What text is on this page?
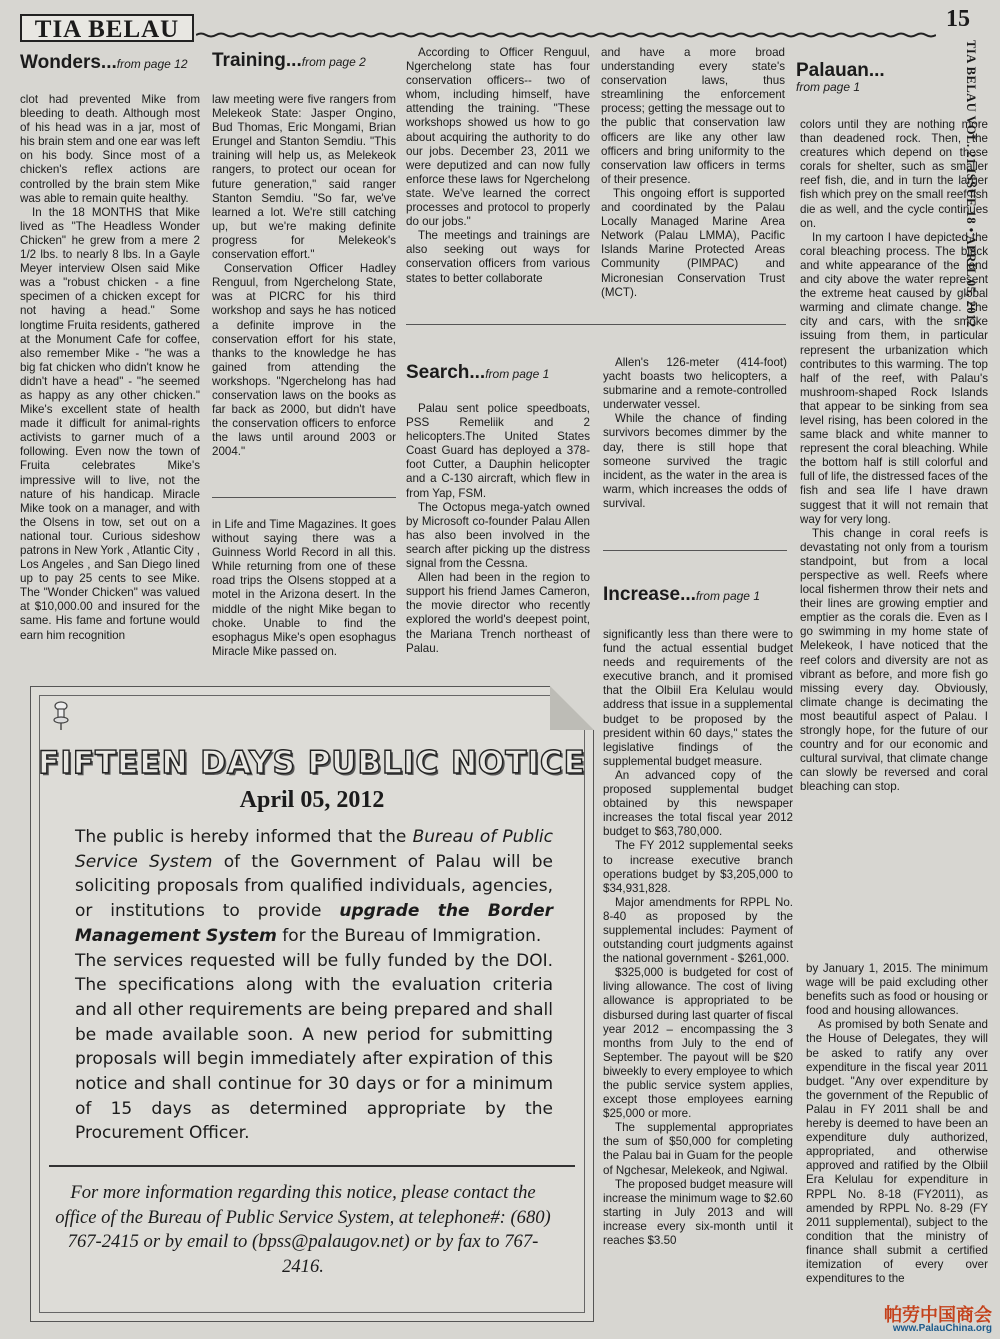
TIA BELAU	15
TIA BELAU VOL. 21 ISSUE 18 • APRIL 05, 2012
Wonders...from page 12

clot had prevented Mike from bleeding to death. Although most of his head was in a jar, most of his brain stem and one ear was left on his body. Since most of a chicken's reflex actions are controlled by the brain stem Mike was able to remain quite healthy.

In the 18 MONTHS that Mike lived as "The Headless Wonder Chicken" he grew from a mere 2 1/2 lbs. to nearly 8 lbs. In a Gayle Meyer interview Olsen said Mike was a "robust chicken - a fine specimen of a chicken except for not having a head." Some longtime Fruita residents, gathered at the Monument Cafe for coffee, also remember Mike - "he was a big fat chicken who didn't know he didn't have a head" - "he seemed as happy as any other chicken." Mike's excellent state of health made it difficult for animal-rights activists to garner much of a following. Even now the town of Fruita celebrates Mike's impressive will to live, not the nature of his handicap. Miracle Mike took on a manager, and with the Olsens in tow, set out on a national tour. Curious sideshow patrons in New York , Atlantic City , Los Angeles , and San Diego lined up to pay 25 cents to see Mike. The "Wonder Chicken" was valued at $10,000.00 and insured for the same. His fame and fortune would earn him recognition

Training...from page 2

law meeting were five rangers from Melekeok State: Jasper Ongino, Bud Thomas, Eric Mongami, Brian Erungel and Stanton Semdiu. "This training will help us, as Melekeok rangers, to protect our ocean for future generation," said ranger Stanton Semdiu. "So far, we've learned a lot. We're still catching up, but we're making definite progress for Melekeok's conservation effort."

Conservation Officer Hadley Renguul, from Ngerchelong State, was at PICRC for his third workshop and says he has noticed a definite improve in the conservation effort for his state, thanks to the knowledge he has gained from attending the workshops. "Ngerchelong has had conservation laws on the books as far back as 2000, but didn't have the conservation officers to enforce the laws until around 2003 or 2004."

in Life and Time Magazines. It goes without saying there was a Guinness World Record in all this. While returning from one of these road trips the Olsens stopped at a motel in the Arizona desert. In the middle of the night Mike began to choke. Unable to find the esophagus Mike's open esophagus Miracle Mike passed on.

According to Officer Renguul, Ngerchelong state has four conservation officers-- two of whom, including himself, have attending the training. "These workshops showed us how to go about acquiring the authority to do our jobs. December 23, 2011 we were deputized and can now fully enforce these laws for Ngerchelong state. We've learned the correct processes and protocol to properly do our jobs."

The meetings and trainings are also seeking out ways for conservation officers from various states to better collaborate

and have a more broad understanding every state's conservation laws, thus streamlining the enforcement process; getting the message out to the public that conservation law officers are like any other law officers and bring uniformity to the conservation law officers in terms of their presence.

This ongoing effort is supported and coordinated by the Palau Locally Managed Marine Area Network (Palau LMMA), Pacific Islands Marine Protected Areas Community (PIMPAC) and Micronesian Conservation Trust (MCT).

Search...from page 1

Palau sent police speedboats, PSS Remeliik and 2 helicopters.The United States Coast Guard has deployed a 378-foot Cutter, a Dauphin helicopter and a C-130 aircraft, which flew in from Yap, FSM.

The Octopus mega-yatch owned by Microsoft co-founder Palau Allen has also been involved in the search after picking up the distress signal from the Cessna.

Allen had been in the region to support his friend James Cameron, the movie director who recently explored the world's deepest point, the Mariana Trench northeast of Palau.

Allen's 126-meter (414-foot) yacht boasts two helicopters, a submarine and a remote-controlled underwater vessel.

While the chance of finding survivors becomes dimmer by the day, there is still hope that someone survived the tragic incident, as the water in the area is warm, which increases the odds of survival.

Increase...from page 1

significantly less than there were to fund the actual essential budget needs and requirements of the executive branch, and it promised that the Olbiil Era Kelulau would address that issue in a supplemental budget to be proposed by the president within 60 days," states the legislative findings of the supplemental budget measure.

An advanced copy of the proposed supplemental budget obtained by this newspaper increases the total fiscal year 2012 budget to $63,780,000.

The FY 2012 supplemental seeks to increase executive branch operations budget by $3,205,000 to $34,931,828.

Major amendments for RPPL No. 8-40 as proposed by the supplemental includes: Payment of outstanding court judgments against the national government - $261,000.

$325,000 is budgeted for cost of living allowance. The cost of living allowance is appropriated to be disbursed during last quarter of fiscal year 2012 – encompassing the 3 months from July to the end of September. The payout will be $20 biweekly to every employee to which the public service system applies, except those employees earning $25,000 or more.

The supplemental appropriates the sum of $50,000 for completing the Palau bai in Guam for the people of Ngchesar, Melekeok, and Ngiwal.

The proposed budget measure will increase the minimum wage to $2.60 starting in July 2013 and will increase every six-month until it reaches $3.50

Palauan...
from page 1

colors until they are nothing more than deadened rock. Then, the creatures which depend on these corals for shelter, such as smaller reef fish, die, and in turn the larger fish which prey on the small reef fish die as well, and the cycle continues on.

In my cartoon I have depicted the coral bleaching process. The black and white appearance of the land and city above the water represent the extreme heat caused by global warming and climate change. The city and cars, with the smoke issuing from them, in particular represent the urbanization which contributes to this warming. The top half of the reef, with Palau's mushroom-shaped Rock Islands that appear to be sinking from sea level rising, has been colored in the same black and white manner to represent the coral bleaching. While the bottom half is still colorful and full of life, the distressed faces of the fish and sea life I have drawn suggest that it will not remain that way for very long.

This change in coral reefs is devastating not only from a tourism standpoint, but from a local perspective as well. Reefs where local fishermen throw their nets and their lines are growing emptier and emptier as the corals die. Even as I go swimming in my home state of Melekeok, I have noticed that the reef colors and diversity are not as vibrant as before, and more fish go missing every day. Obviously, climate change is decimating the most beautiful aspect of Palau. I strongly hope, for the future of our country and for our economic and cultural survival, that climate change can slowly be reversed and coral bleaching can stop.

by January 1, 2015. The minimum wage will be paid excluding other benefits such as food or housing or food and housing allowances.

As promised by both Senate and the House of Delegates, they will be asked to ratify any over expenditure in the fiscal year 2011 budget. "Any over expenditure by the government of the Republic of Palau in FY 2011 shall be and hereby is deemed to have been an expenditure duly authorized, appropriated, and otherwise approved and ratified by the Olbiil Era Kelulau for expenditure in RPPL No. 8-18 (FY2011), as amended by RPPL No. 8-29 (FY 2011 supplemental), subject to the condition that the ministry of finance shall submit a certified itemization of every over expenditures to the

FIFTEEN DAYS PUBLIC NOTICE
April 05, 2012

The public is hereby informed that the Bureau of Public Service System of the Government of Palau will be soliciting proposals from qualified individuals, agencies, or institutions to provide upgrade the Border Management System for the Bureau of Immigration.

The services requested will be fully funded by the DOI. The specifications along with the evaluation criteria and all other requirements are being prepared and shall be made available soon. A new period for submitting proposals will begin immediately after expiration of this notice and shall continue for 30 days or for a minimum of 15 days as determined appropriate by the Procurement Officer.

For more information regarding this notice, please contact the office of the Bureau of Public Service System, at telephone#: (680) 767-2415 or by email to (bpss@palaugov.net) or by fax to 767-2416.
帕劳中国商会
www.PalauChina.org
